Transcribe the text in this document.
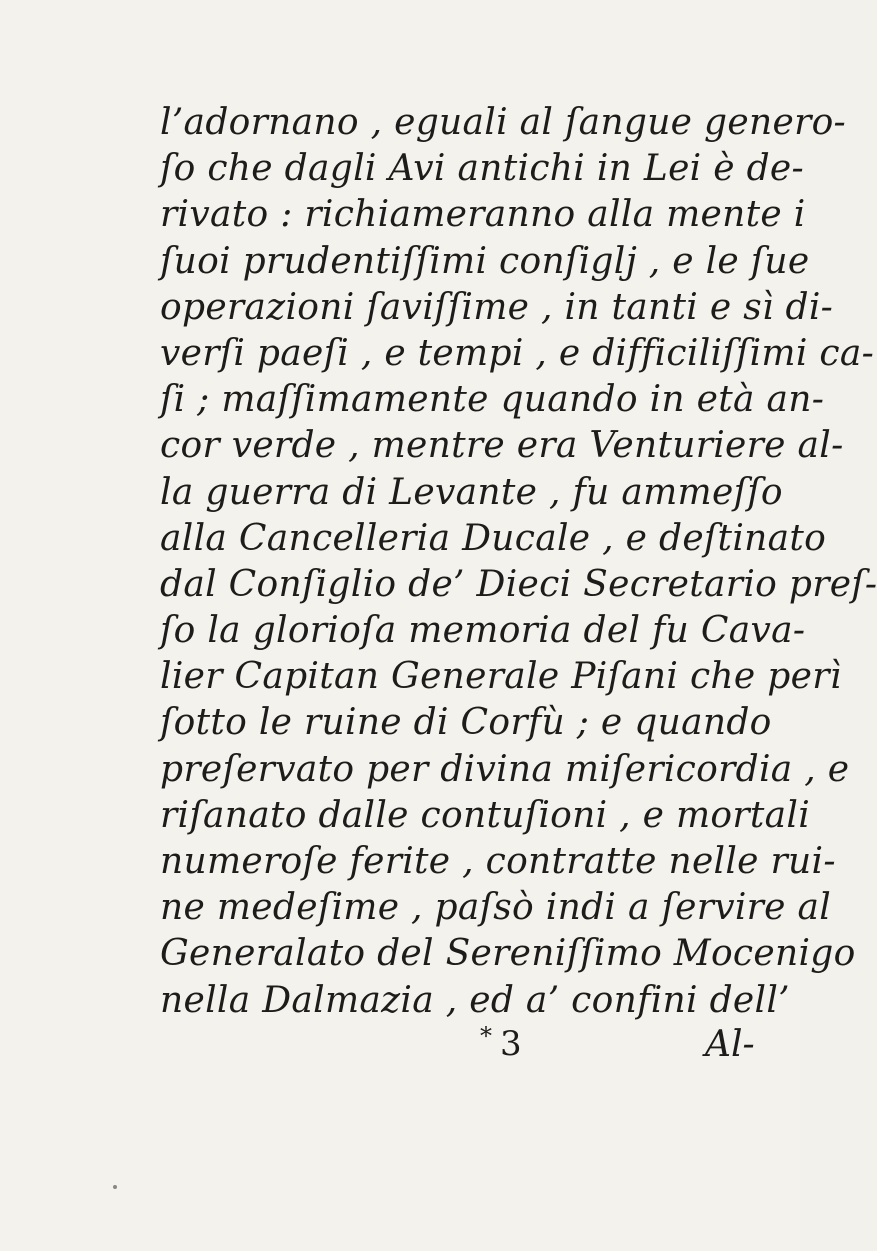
l’adornano , eguali al ſangue genero-
ſo che dagli Avi antichi in Lei è de-
rivato : richiameranno alla mente i
ſuoi prudentiſſimi conſiglj , e le ſue
operazioni ſaviſſime , in tanti e sì di-
verſi paeſi , e tempi , e difficiliſſimi ca-
ſi ; maſſimamente quando in età an-
cor verde , mentre era Venturiere al-
la guerra di Levante , fu ammeſſo
alla Cancelleria Ducale , e deſtinato
dal Conſiglio de’ Dieci Secretario preſ-
ſo la glorioſa memoria del fu Cava-
lier Capitan Generale Piſani che perì
ſotto le ruine di Corfù ; e quando
preſervato per divina miſericordia , e
riſanato dalle contuſioni , e mortali
numeroſe ferite , contratte nelle rui-
ne medeſime , paſsò indi a ſervire al
Generalato del Sereniſſimo Mocenigo
nella Dalmazia , ed a’ confini dell’
* 3	Al-
